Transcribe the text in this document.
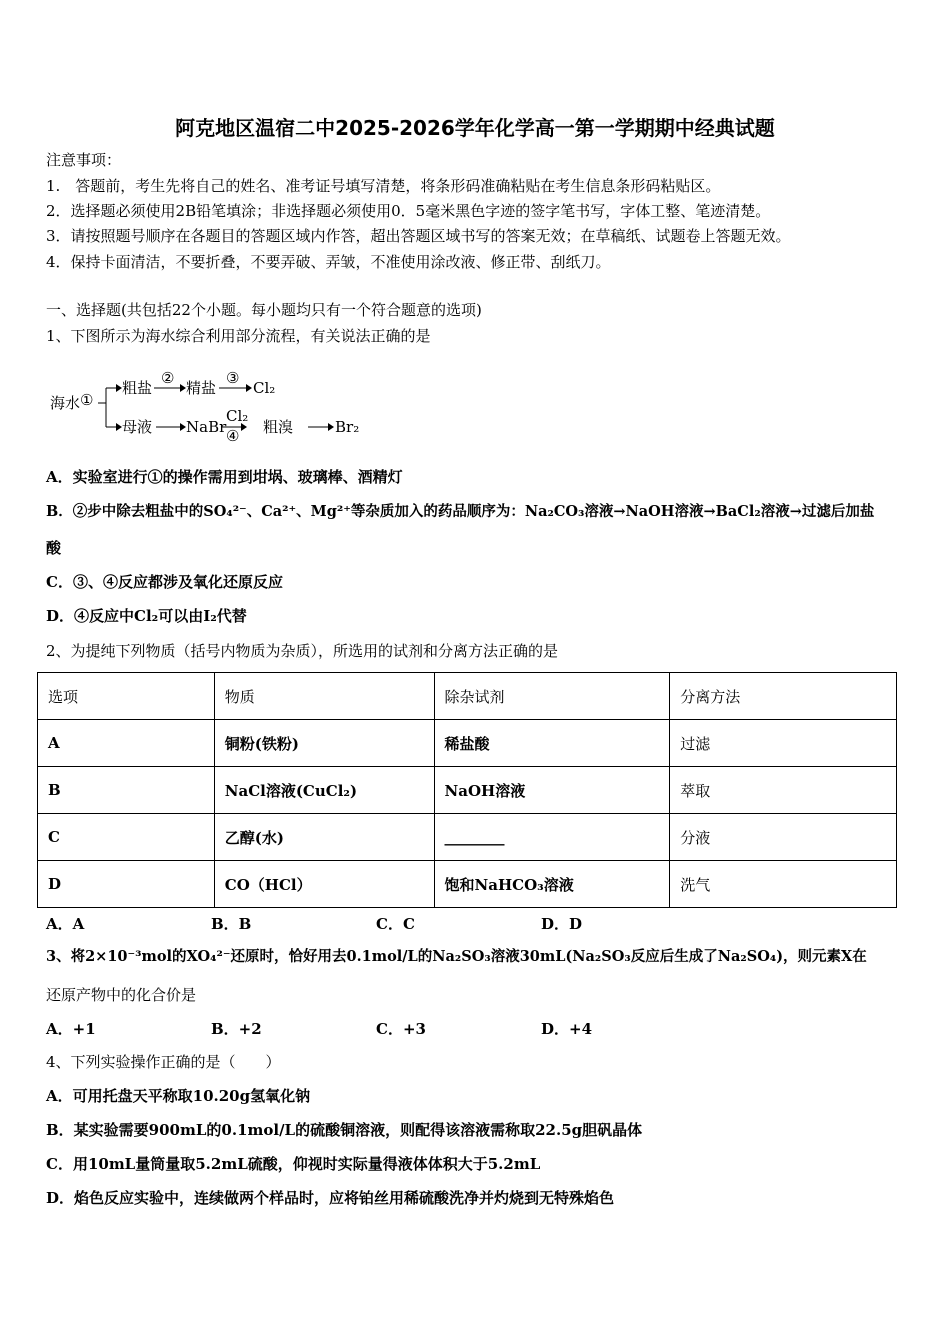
阿克地区温宿二中2025-2026学年化学高一第一学期期中经典试题
注意事项：
1.　答题前，考生先将自己的姓名、准考证号填写清楚，将条形码准确粘贴在考生信息条形码粘贴区。
2．选择题必须使用2B铅笔填涂；非选择题必须使用0．5毫米黑色字迹的签字笔书写，字体工整、笔迹清楚。
3．请按照题号顺序在各题目的答题区域内作答，超出答题区域书写的答案无效；在草稿纸、试题卷上答题无效。
4．保持卡面清洁，不要折叠，不要弄破、弄皱，不准使用涂改液、修正带、刮纸刀。
一、选择题(共包括22个小题。每小题均只有一个符合题意的选项)
1、下图所示为海水综合利用部分流程，有关说法正确的是
海水 ①
粗盐
②
精盐
③
Cl₂
母液 NaBr
Cl₂
④ 粗溴	Br₂
A．实验室进行①的操作需用到坩埚、玻璃棒、酒精灯
B．②步中除去粗盐中的SO₄²⁻、Ca²⁺、Mg²⁺等杂质加入的药品顺序为：Na₂CO₃溶液→NaOH溶液→BaCl₂溶液→过滤后加盐
酸
C．③、④反应都涉及氧化还原反应
D．④反应中Cl₂可以由I₂代替
2、为提纯下列物质（括号内物质为杂质），所选用的试剂和分离方法正确的是
选项	物质	除杂试剂	分离方法
A	铜粉(铁粉)	稀盐酸	过滤
B	NaCl溶液(CuCl₂)	NaOH溶液	萃取
C	乙醇(水)	________	分液
D	CO（HCl）	饱和NaHCO₃溶液	洗气
A．A	B．B	C．C	D．D
3、将2×10⁻³mol的XO₄²⁻还原时，恰好用去0.1mol/L的Na₂SO₃溶液30mL(Na₂SO₃反应后生成了Na₂SO₄)，则元素X在
还原产物中的化合价是
A．+1	B．+2	C．+3	D．+4
4、下列实验操作正确的是（　　）
A．可用托盘天平称取10.20g氢氧化钠
B．某实验需要900mL的0.1mol/L的硫酸铜溶液，则配得该溶液需称取22.5g胆矾晶体
C．用10mL量筒量取5.2mL硫酸，仰视时实际量得液体体积大于5.2mL
D．焰色反应实验中，连续做两个样品时，应将铂丝用稀硫酸洗净并灼烧到无特殊焰色
